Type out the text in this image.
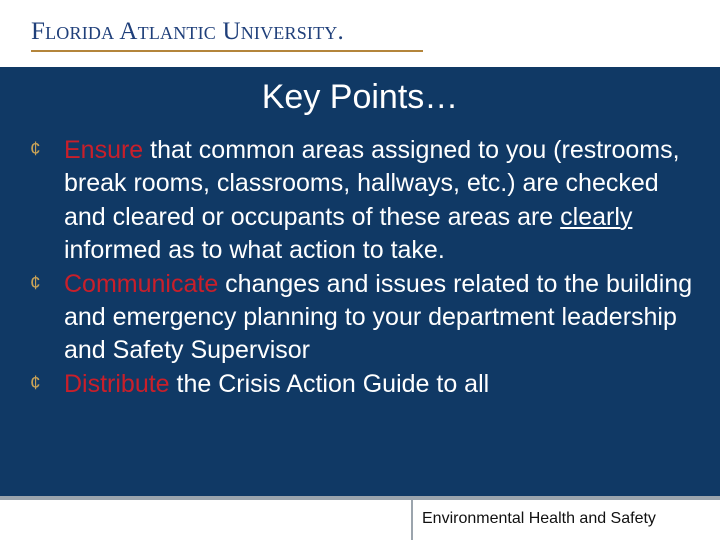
Florida Atlantic University.
Key Points…
¢ Ensure that common areas assigned to you (restrooms, break rooms, classrooms, hallways, etc.) are checked and cleared or occupants of these areas are clearly informed as to what action to take.
¢ Communicate changes and issues related to the building and emergency planning to your department leadership and Safety Supervisor
¢ Distribute the Crisis Action Guide to all
Environmental Health and Safety
